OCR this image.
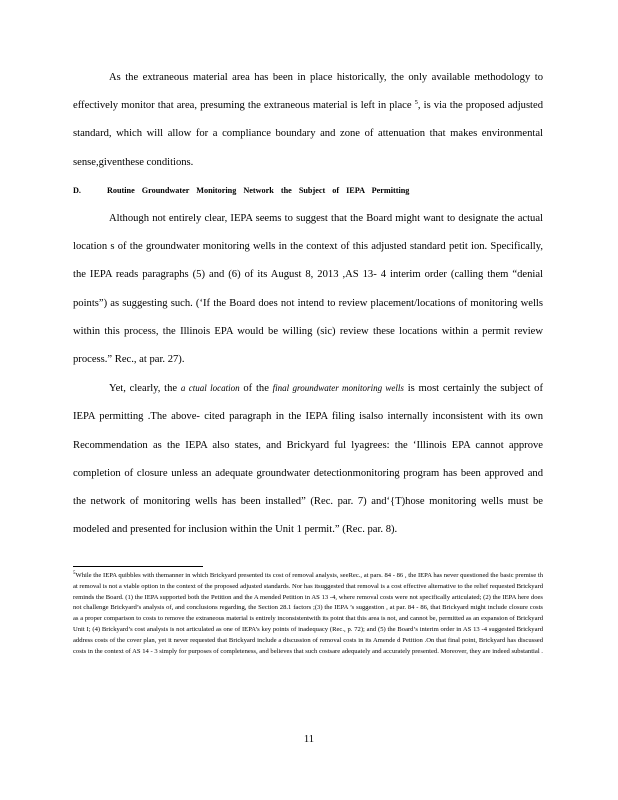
As the extraneous material area has been in place historically, the only available methodology to effectively monitor that area, presuming the extraneous material is left in place $^5$, is via the proposed adjusted standard, which will allow for a compliance boundary and zone of attenuation that makes environmental sense,giventhese conditions.

D.	Routine Groundwater Monitoring Network the Subject of IEPA Permitting

Although not entirely clear, IEPA seems to suggest that the Board might want to designate the actual location s of the groundwater monitoring wells in the context of this adjusted standard petit ion. Specifically, the IEPA reads paragraphs (5) and (6) of its August 8, 2013 ,AS 13- 4 interim order (calling them “denial points”) as suggesting such. (‘If the Board does not intend to review placement/locations of monitoring wells within this process, the Illinois EPA would be willing (sic) review these locations within a permit review process.” Rec., at par. 27).

Yet, clearly, the a ctual location of the final groundwater monitoring wells is most certainly the subject of IEPA permitting .The above- cited paragraph in the IEPA filing isalso internally inconsistent with its own Recommendation as the IEPA also states, and Brickyard ful lyagrees: the ‘Illinois EPA cannot approve completion of closure unless an adequate groundwater detectionmonitoring program has been approved and the network of monitoring wells has been installed” (Rec. par. 7) and‘{T)hose monitoring wells must be modeled and presented for inclusion within the Unit 1 permit.” (Rec. par. 8).

$^5$While the IEPA quibbles with themanner in which Brickyard presented its cost of removal analysis, seeRec., at pars. 84 - 86 , the IEPA has never questioned the basic premise th at removal is not a viable option in the context of the proposed adjusted standards. Nor has itsuggested that removal is a cost effective alternative to the relief requested Brickyard reminds the Board. (1) the IEPA supported both the Petition and the A mended Petition in AS 13 -4, where removal costs were not specifically articulated; (2) the IEPA here does not challenge Brickyard’s analysis of, and conclusions regarding, the Section 28.1 factors ;(3) the IEPA ’s suggestion , at par. 84 - 86, that Brickyard might include closure costs as a proper comparison to costs to remove the extraneous material is entirely inconsistentwith its point that this area is not, and cannot be, permitted as an expansion of Brickyard Unit I; (4) Brickyard’s cost analysis is not articulated as one of IEPA’s key points of inadequacy (Rec., p. 72); and (5) the Board’s interim order in AS 13 -4 suggested Brickyard address costs of the cover plan, yet it never requested that Brickyard include a discussion of removal costs in its Amende d Petition .On that final point, Brickyard has discussed costs in the context of AS 14 - 3 simply for purposes of completeness, and believes that such costsare adequately and accurately presented. Moreover, they are indeed substantial .

11
